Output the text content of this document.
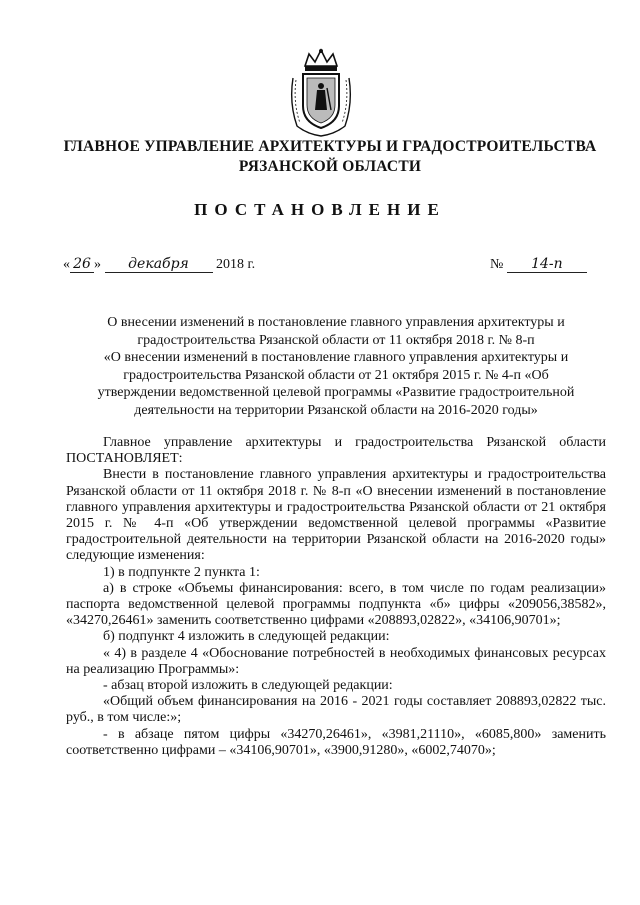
ГЛАВНОЕ УПРАВЛЕНИЕ АРХИТЕКТУРЫ И ГРАДОСТРОИТЕЛЬСТВА
РЯЗАНСКОЙ ОБЛАСТИ
ПОСТАНОВЛЕНИЕ
« 26 » декабря 2018 г.	№ 14-п
О внесении изменений в постановление главного управления архитектуры и
градостроительства Рязанской области от 11 октября 2018 г. № 8-п
«О внесении изменений в постановление главного управления архитектуры и
градостроительства Рязанской области от 21 октября 2015 г. № 4-п «Об
утверждении ведомственной целевой программы «Развитие градостроительной
деятельности на территории Рязанской области на 2016-2020 годы»

Главное управление архитектуры и градостроительства Рязанской области ПОСТАНОВЛЯЕТ:

Внести в постановление главного управления архитектуры и градостроительства Рязанской области от 11 октября 2018 г. № 8-п «О внесении изменений в постановление главного управления архитектуры и градостроительства Рязанской области от 21 октября 2015 г. № 4-п «Об утверждении ведомственной целевой программы «Развитие градостроительной деятельности на территории Рязанской области на 2016-2020 годы» следующие изменения:

1) в подпункте 2 пункта 1:

а) в строке «Объемы финансирования: всего, в том числе по годам реализации» паспорта ведомственной целевой программы подпункта «б» цифры «209056,38582», «34270,26461» заменить соответственно цифрами «208893,02822», «34106,90701»;

б) подпункт 4 изложить в следующей редакции:

« 4) в разделе 4 «Обоснование потребностей в необходимых финансовых ресурсах на реализацию Программы»:

- абзац второй изложить в следующей редакции:

«Общий объем финансирования на 2016 - 2021 годы составляет 208893,02822 тыс. руб., в том числе:»;

- в абзаце пятом цифры «34270,26461», «3981,21110», «6085,800» заменить соответственно цифрами – «34106,90701», «3900,91280», «6002,74070»;
